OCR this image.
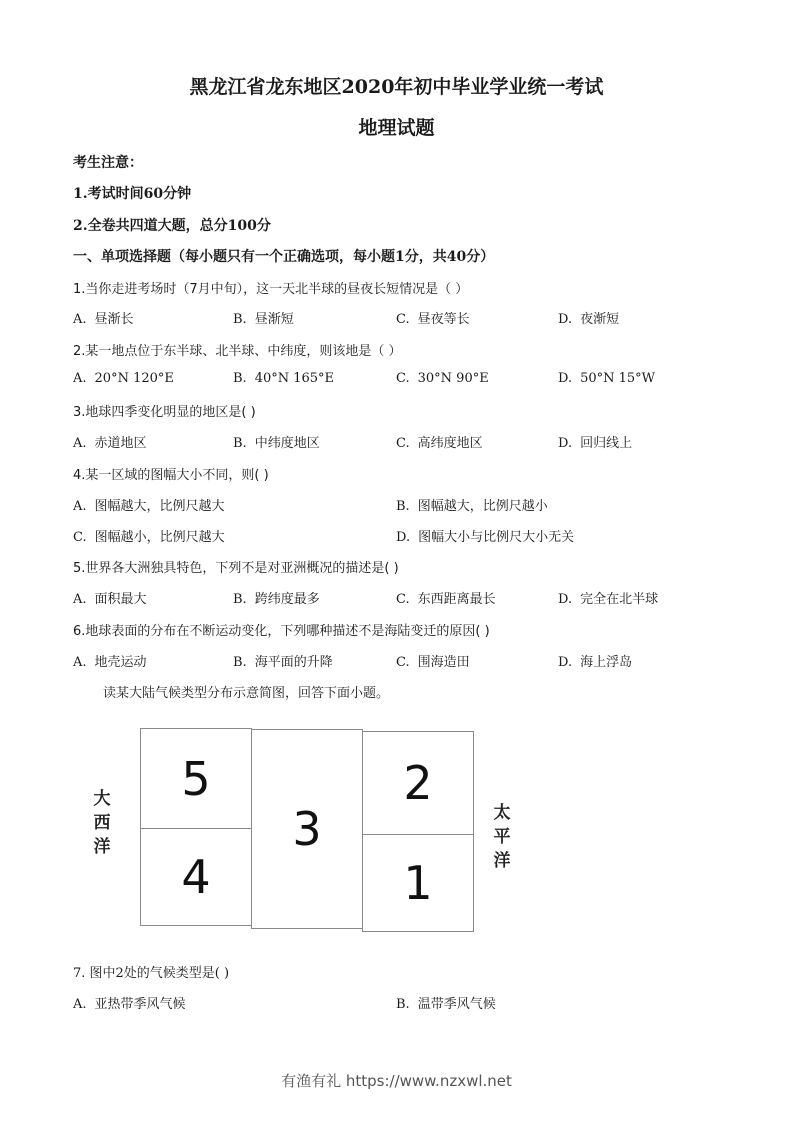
黑龙江省龙东地区2020年初中毕业学业统一考试
地理试题
考生注意：
1.考试时间60分钟
2.全卷共四道大题，总分100分
一、单项选择题（每小题只有一个正确选项，每小题1分，共40分）
1.当你走进考场时（7月中旬），这一天北半球的昼夜长短情况是（ ）
A. 昼渐长	B. 昼渐短	C. 昼夜等长	D. 夜渐短
2.某一地点位于东半球、北半球、中纬度，则该地是（ ）
A. 20°N 120°E	B. 40°N 165°E	C. 30°N 90°E	D. 50°N 15°W
3.地球四季变化明显的地区是( )
A. 赤道地区	B. 中纬度地区	C. 高纬度地区	D. 回归线上
4.某一区域的图幅大小不同，则( )
A. 图幅越大，比例尺越大	B. 图幅越大，比例尺越小
C. 图幅越小，比例尺越大	D. 图幅大小与比例尺大小无关
5.世界各大洲独具特色，下列不是对亚洲概况的描述是( )
A. 面积最大	B. 跨纬度最多	C. 东西距离最长	D. 完全在北半球
6.地球表面的分布在不断运动变化，下列哪种描述不是海陆变迁的原因( )
A. 地壳运动	B. 海平面的升降	C. 围海造田	D. 海上浮岛
读某大陆气候类型分布示意简图，回答下面小题。
大
西
洋
5
4
3
2
1
太
平
洋
7. 图中2处的气候类型是( )
A. 亚热带季风气候	B. 温带季风气候
有渔有礼 https://www.nzxwl.net
